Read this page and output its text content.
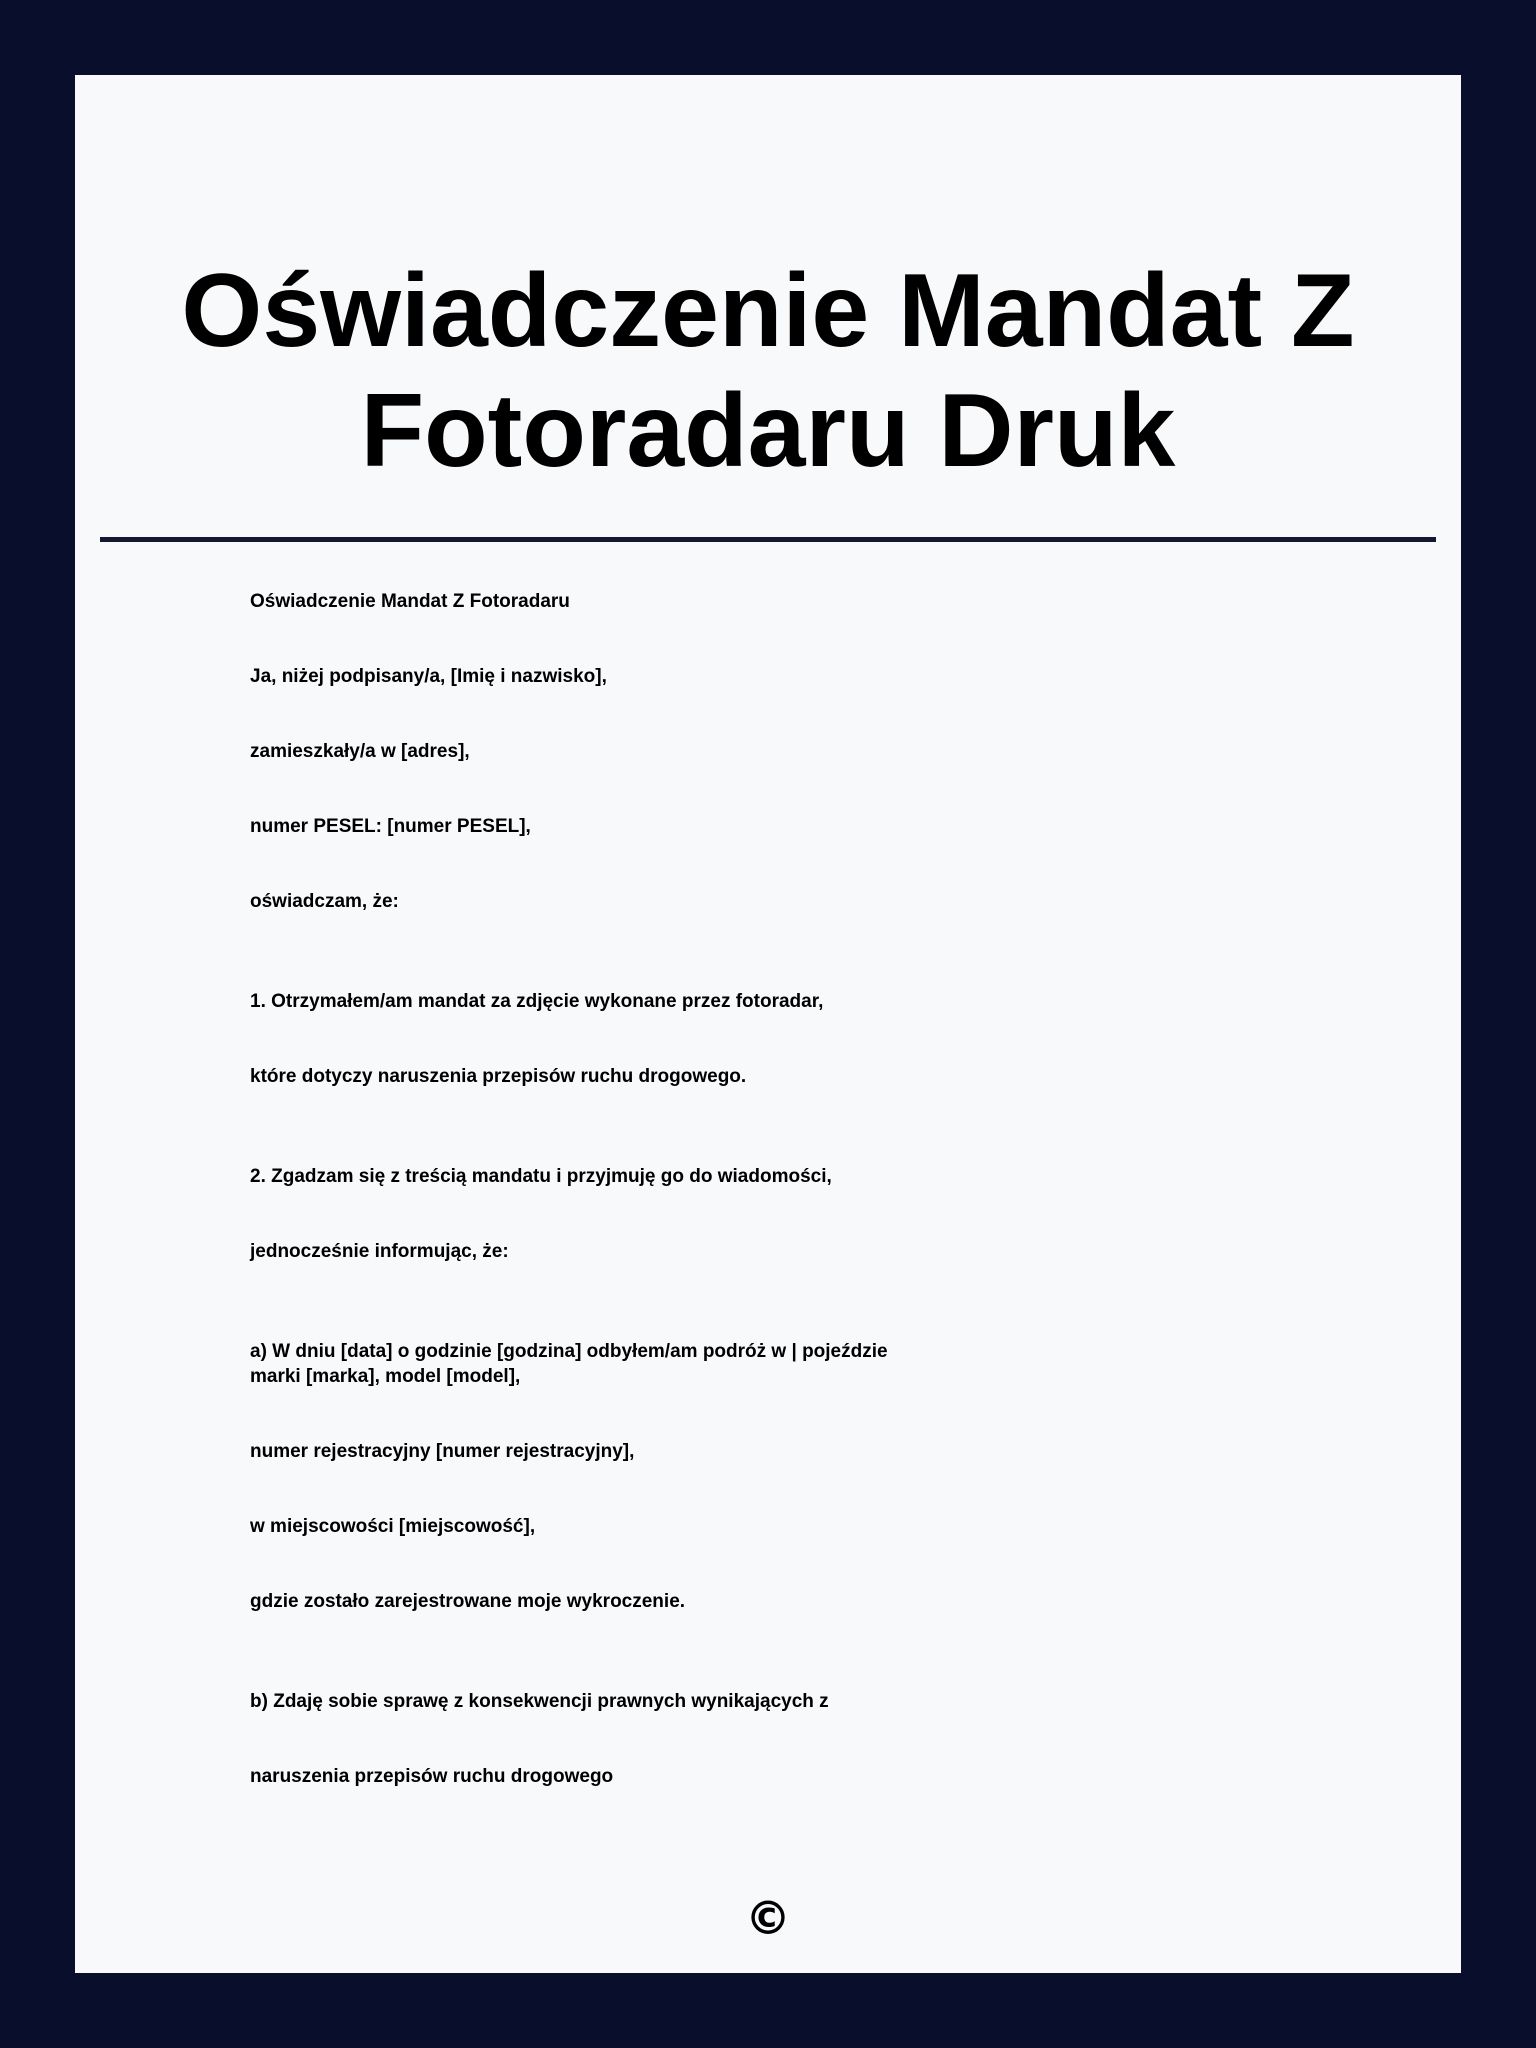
Oświadczenie Mandat Z
Fotoradaru Druk

Oświadczenie Mandat Z Fotoradaru

Ja, niżej podpisany/a, [Imię i nazwisko],

zamieszkały/a w [adres],

numer PESEL: [numer PESEL],

oświadczam, że:

1. Otrzymałem/am mandat za zdjęcie wykonane przez fotoradar,

które dotyczy naruszenia przepisów ruchu drogowego.

2. Zgadzam się z treścią mandatu i przyjmuję go do wiadomości,

jednocześnie informując, że:

a) W dniu [data] o godzinie [godzina] odbyłem/am podróż w | pojeździe marki [marka], model [model],

numer rejestracyjny [numer rejestracyjny],

w miejscowości [miejscowość],

gdzie zostało zarejestrowane moje wykroczenie.

b) Zdaję sobie sprawę z konsekwencji prawnych wynikających z

naruszenia przepisów ruchu drogowego

©
